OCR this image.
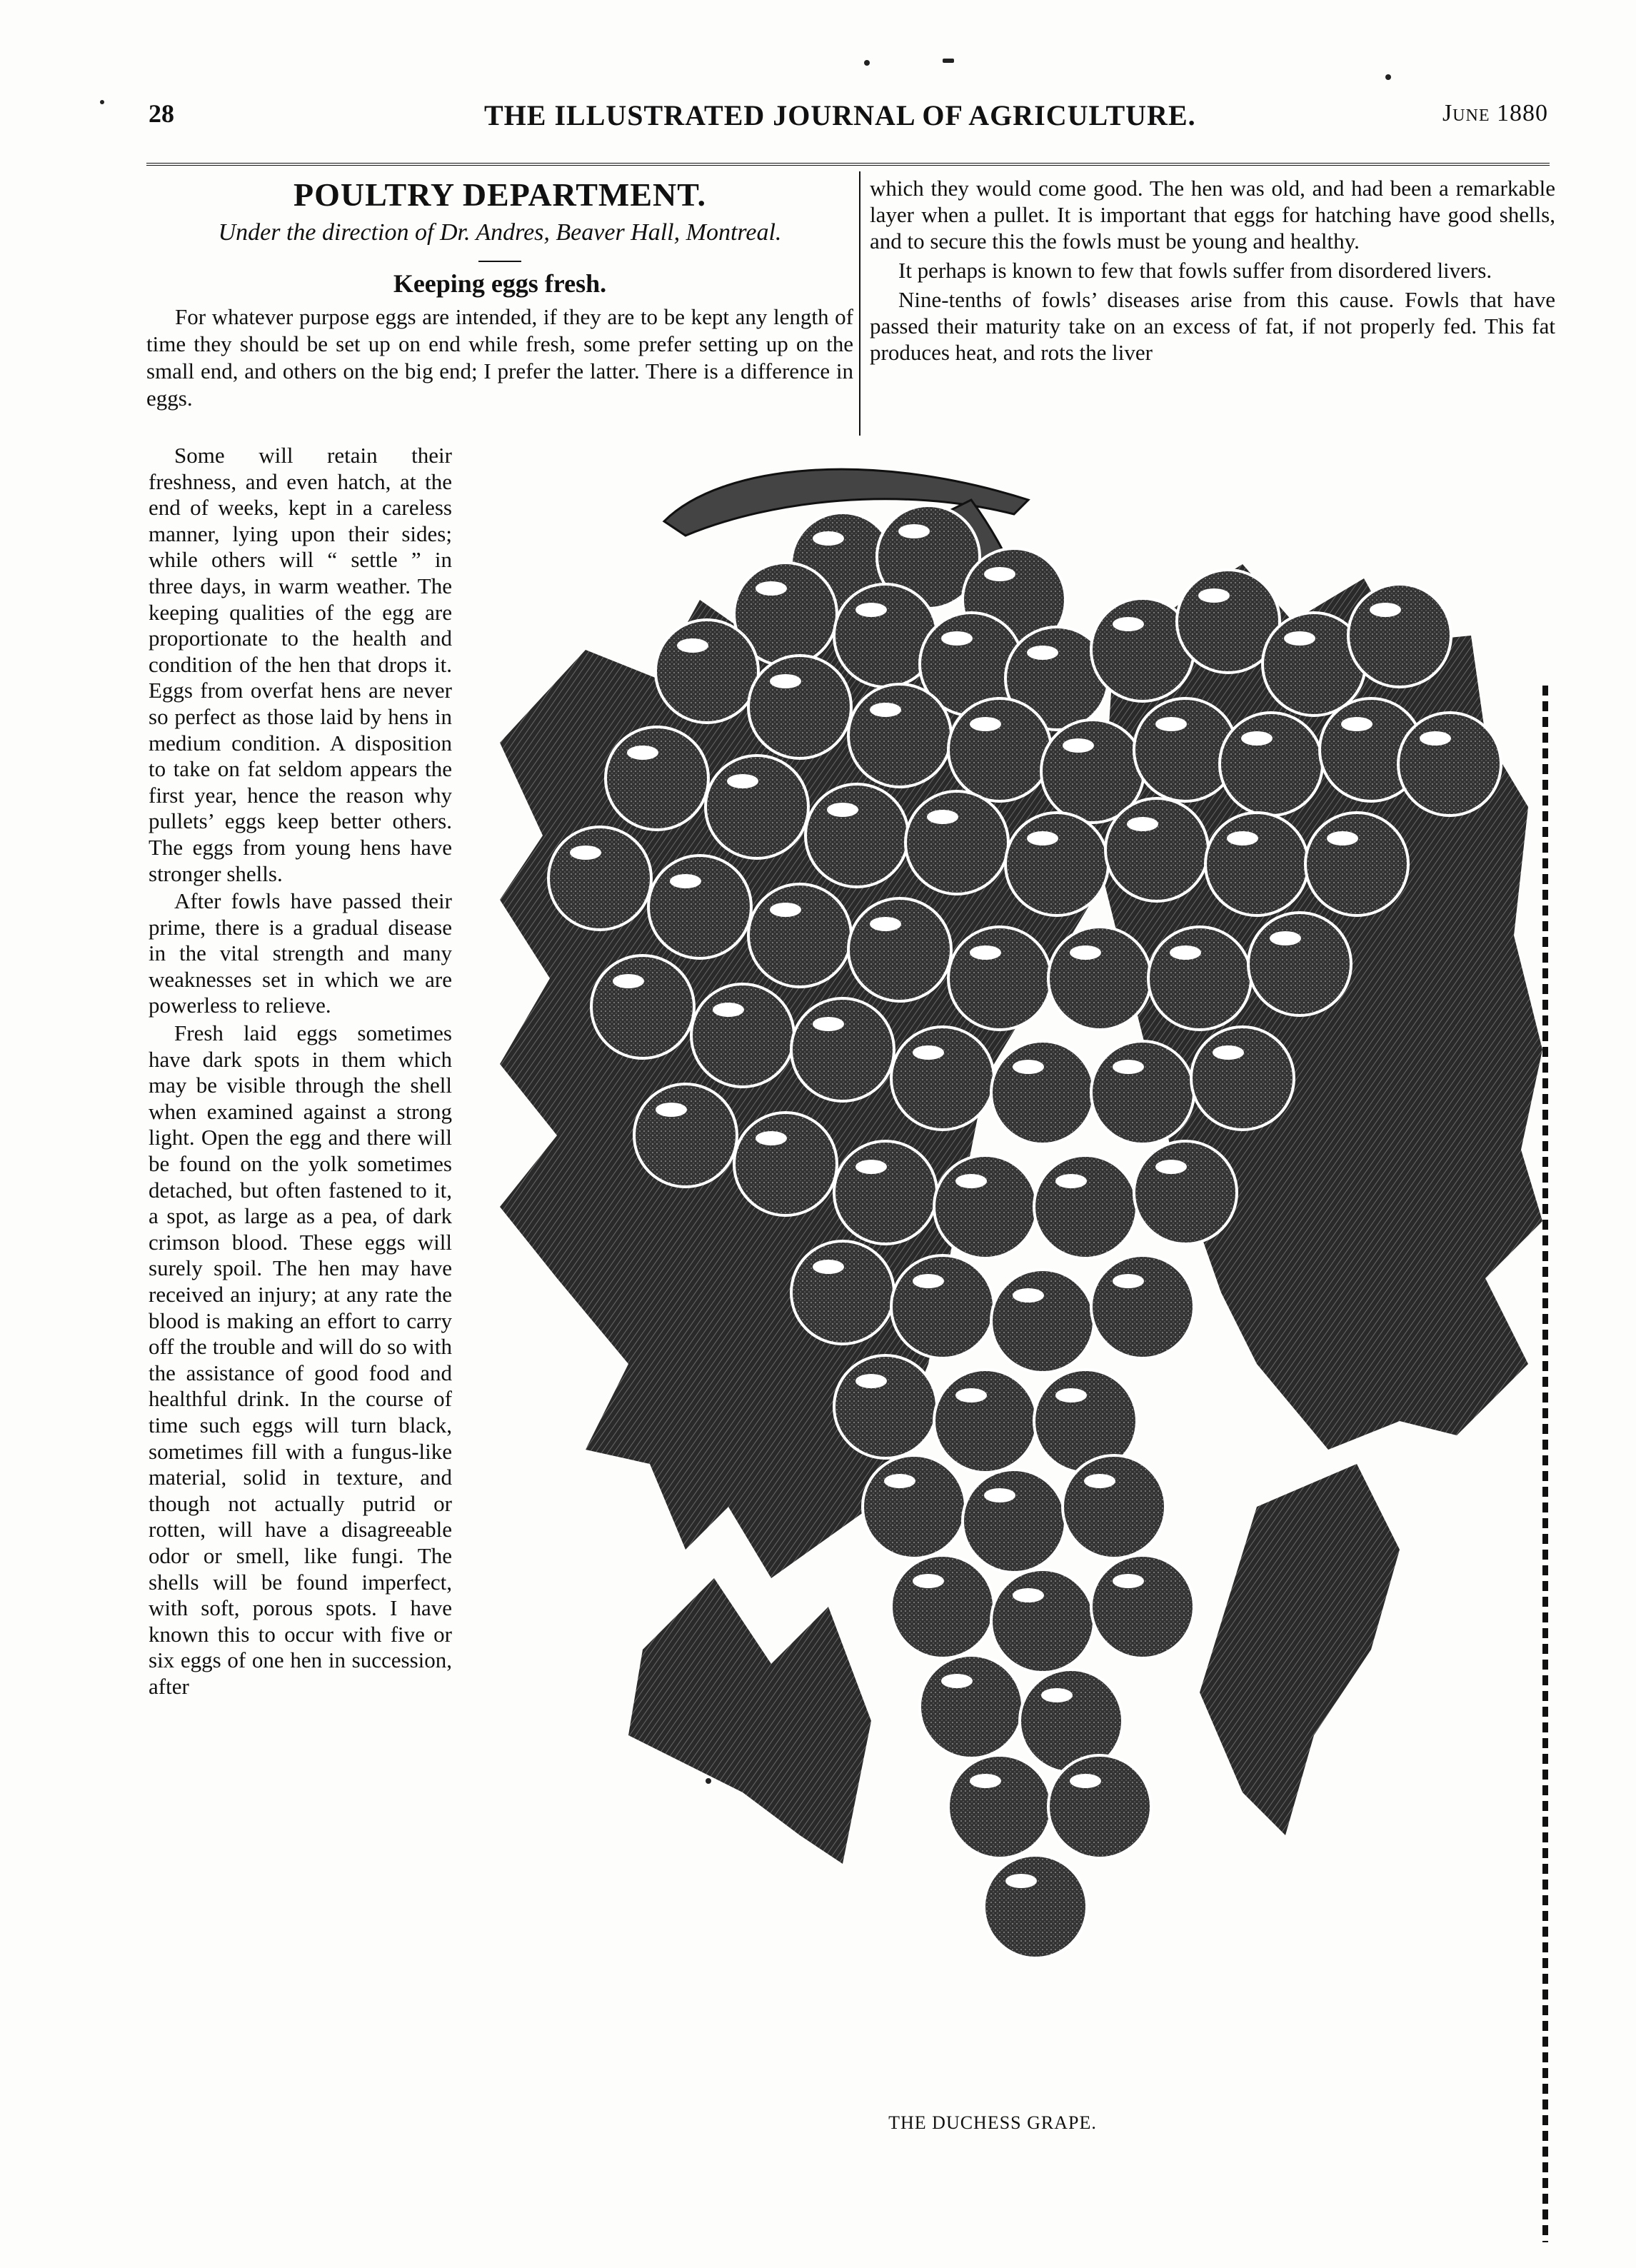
28	THE ILLUSTRATED JOURNAL OF AGRICULTURE.	June 1880
POULTRY DEPARTMENT.

Under the direction of Dr. Andres, Beaver Hall, Montreal.

Keeping eggs fresh.

For whatever purpose eggs are intended, if they are to be kept any length of time they should be set up on end while fresh, some prefer setting up on the small end, and others on the big end; I prefer the latter. There is a difference in eggs.

which they would come good. The hen was old, and had been a remarkable layer when a pullet. It is important that eggs for hatching have good shells, and to secure this the fowls must be young and healthy.

It perhaps is known to few that fowls suffer from disordered livers.

Nine-tenths of fowls’ diseases arise from this cause. Fowls that have passed their maturity take on an excess of fat, if not properly fed. This fat produces heat, and rots the liver

Some will retain their freshness, and even hatch, at the end of weeks, kept in a careless manner, lying upon their sides; while others will “ settle ” in three days, in warm weather. The keeping qualities of the egg are proportionate to the health and condition of the hen that drops it. Eggs from overfat hens are never so perfect as those laid by hens in medium condition. A disposition to take on fat seldom appears the first year, hence the reason why pullets’ eggs keep better others. The eggs from young hens have stronger shells.

After fowls have passed their prime, there is a gradual disease in the vital strength and many weaknesses set in which we are powerless to relieve.

Fresh laid eggs sometimes have dark spots in them which may be visible through the shell when examined against a strong light. Open the egg and there will be found on the yolk sometimes detached, but often fastened to it, a spot, as large as a pea, of dark crimson blood. These eggs will surely spoil. The hen may have received an injury; at any rate the blood is making an effort to carry off the trouble and will do so with the assistance of good food and healthful drink. In the course of time such eggs will turn black, sometimes fill with a fungus-like material, solid in texture, and though not actually putrid or rotten, will have a disagreeable odor or smell, like fungi. The shells will be found imperfect, with soft, porous spots. I have known this to occur with five or six eggs of one hen in succession, after

THE DUCHESS GRAPE.
